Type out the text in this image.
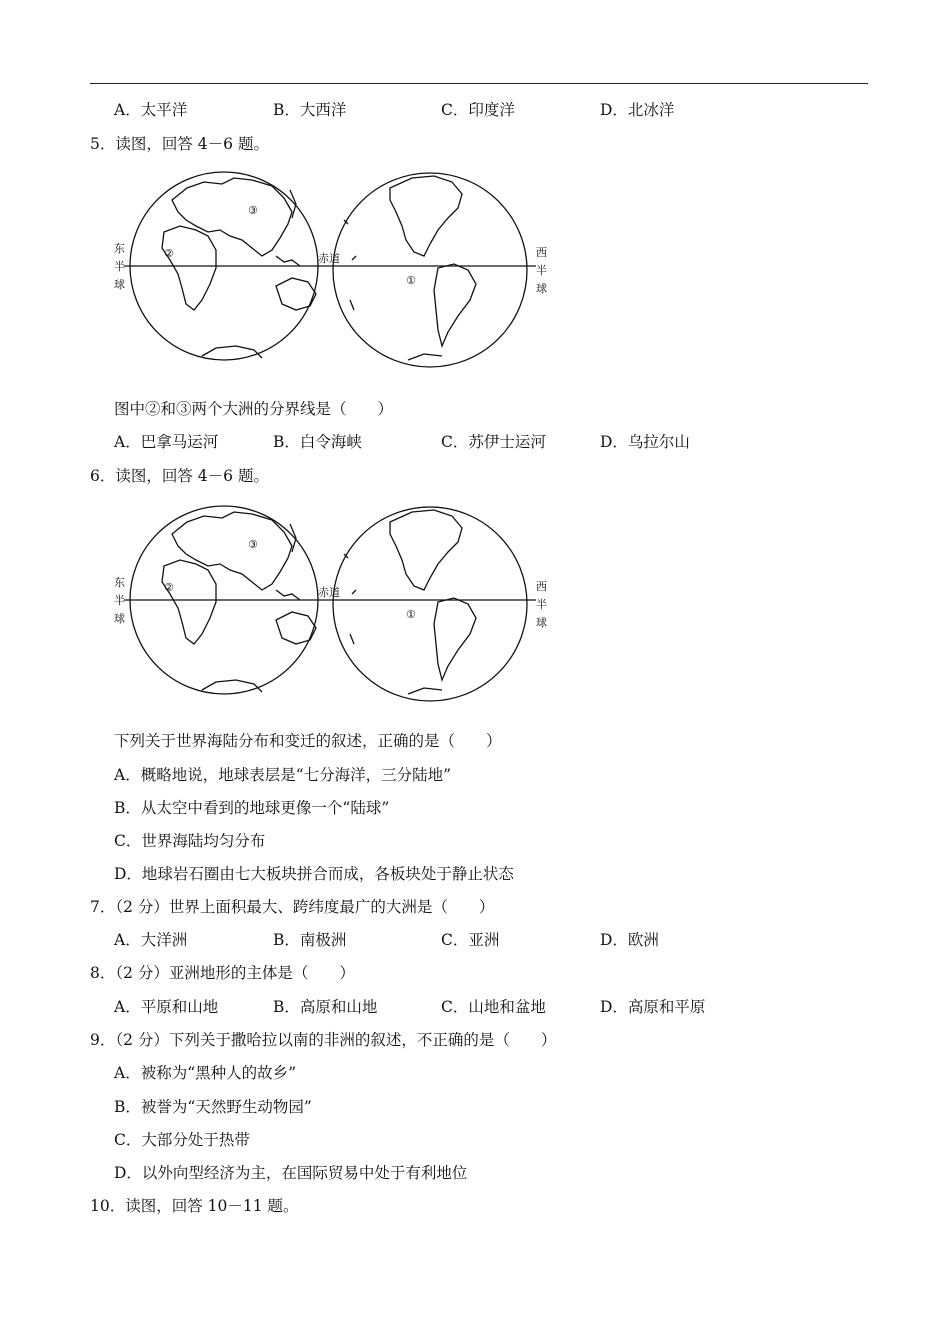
A．太平洋	B．大西洋	C．印度洋	D．北冰洋
5．读图，回答 4－6 题。
东
半
球
西
半
球
赤道
①
②
③
图中②和③两个大洲的分界线是（　　）
A．巴拿马运河	B．白令海峡	C．苏伊士运河	D．乌拉尔山
6．读图，回答 4－6 题。
东
半
球
西
半
球
赤道
①
②
③
下列关于世界海陆分布和变迁的叙述，正确的是（　　）
A．概略地说，地球表层是“七分海洋，三分陆地”
B．从太空中看到的地球更像一个“陆球”
C．世界海陆均匀分布
D．地球岩石圈由七大板块拼合而成，各板块处于静止状态
7．（2 分）世界上面积最大、跨纬度最广的大洲是（　　）
A．大洋洲	B．南极洲	C．亚洲	D．欧洲
8．（2 分）亚洲地形的主体是（　　）
A．平原和山地	B．高原和山地	C．山地和盆地	D．高原和平原
9．（2 分）下列关于撒哈拉以南的非洲的叙述，不正确的是（　　）
A．被称为“黑种人的故乡”
B．被誉为“天然野生动物园”
C．大部分处于热带
D．以外向型经济为主，在国际贸易中处于有利地位
10．读图，回答 10－11 题。
